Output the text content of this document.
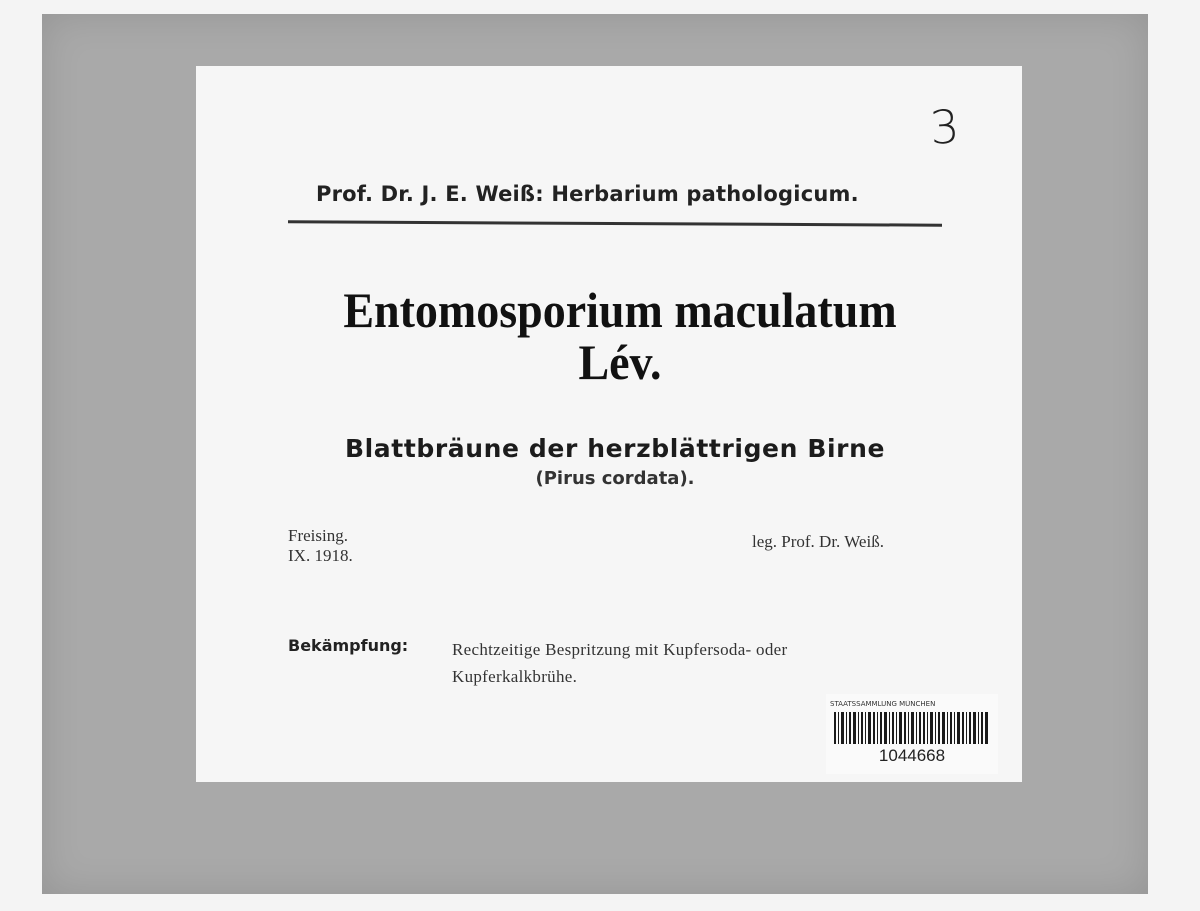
3
Prof. Dr. J. E. Weiß: Herbarium pathologicum.
Entomosporium maculatum
Lév.
Blattbräune der herzblättrigen Birne
(Pirus cordata).
Freising.
IX. 1918.
leg. Prof. Dr. Weiß.
Bekämpfung:	Rechtzeitige Bespritzung mit Kupfersoda- oder
Kupferkalkbrühe.
STAATSSAMMLUNG MÜNCHEN
1044668
